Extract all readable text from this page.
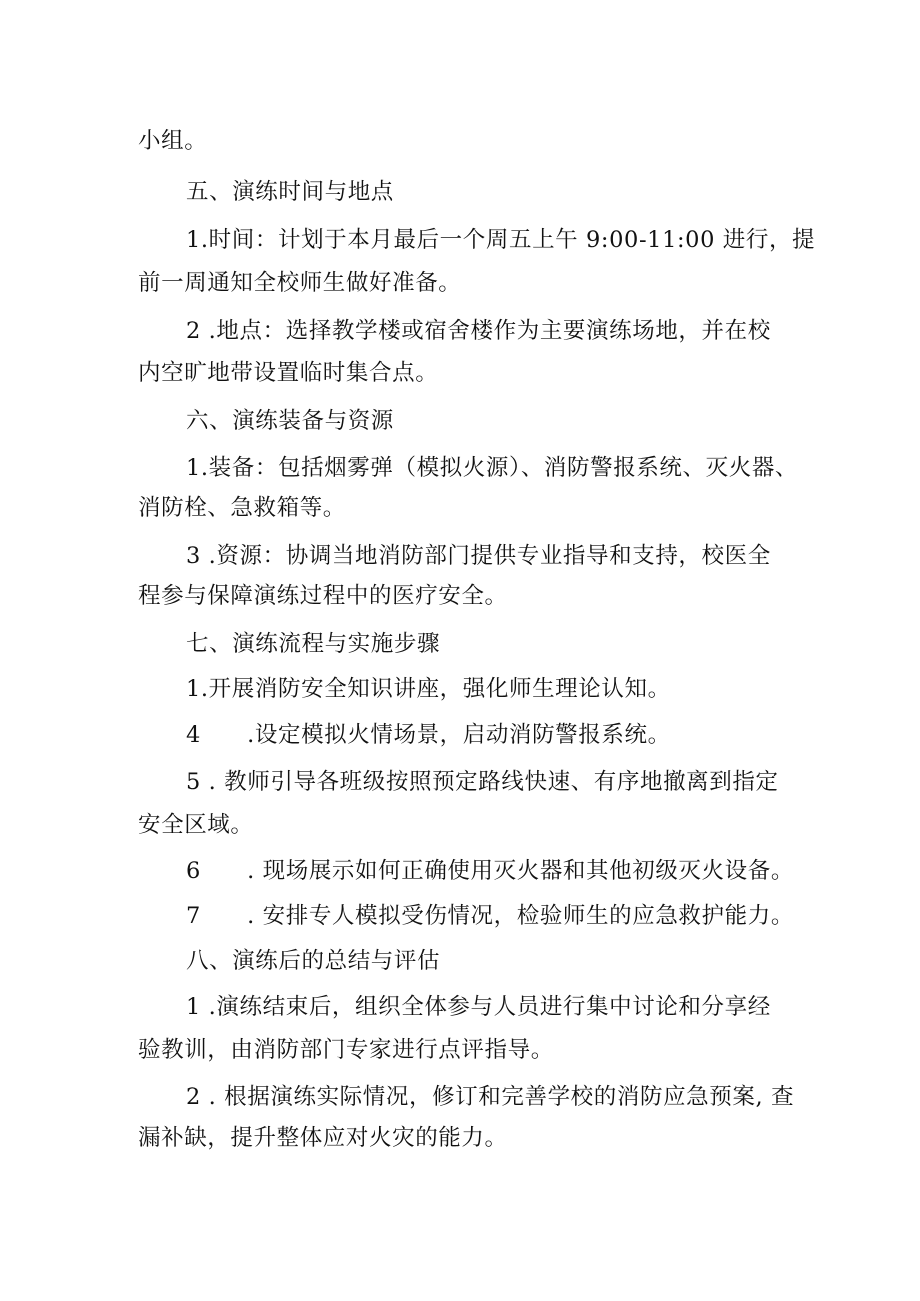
小组。
五、演练时间与地点
1.时间：计划于本月最后一个周五上午 9:00-11:00 进行，提
前一周通知全校师生做好准备。
2 .地点：选择教学楼或宿舍楼作为主要演练场地，并在校
内空旷地带设置临时集合点。
六、演练装备与资源
1.装备：包括烟雾弹（模拟火源）、消防警报系统、灭火器、
消防栓、急救箱等。
3 .资源：协调当地消防部门提供专业指导和支持，校医全
程参与保障演练过程中的医疗安全。
七、演练流程与实施步骤
1.开展消防安全知识讲座，强化师生理论认知。
4　　.设定模拟火情场景，启动消防警报系统。
5 . 教师引导各班级按照预定路线快速、有序地撤离到指定
安全区域。
6　　. 现场展示如何正确使用灭火器和其他初级灭火设备。
7　　. 安排专人模拟受伤情况，检验师生的应急救护能力。
八、演练后的总结与评估
1 .演练结束后，组织全体参与人员进行集中讨论和分享经
验教训，由消防部门专家进行点评指导。
2 . 根据演练实际情况，修订和完善学校的消防应急预案, 查
漏补缺，提升整体应对火灾的能力。
